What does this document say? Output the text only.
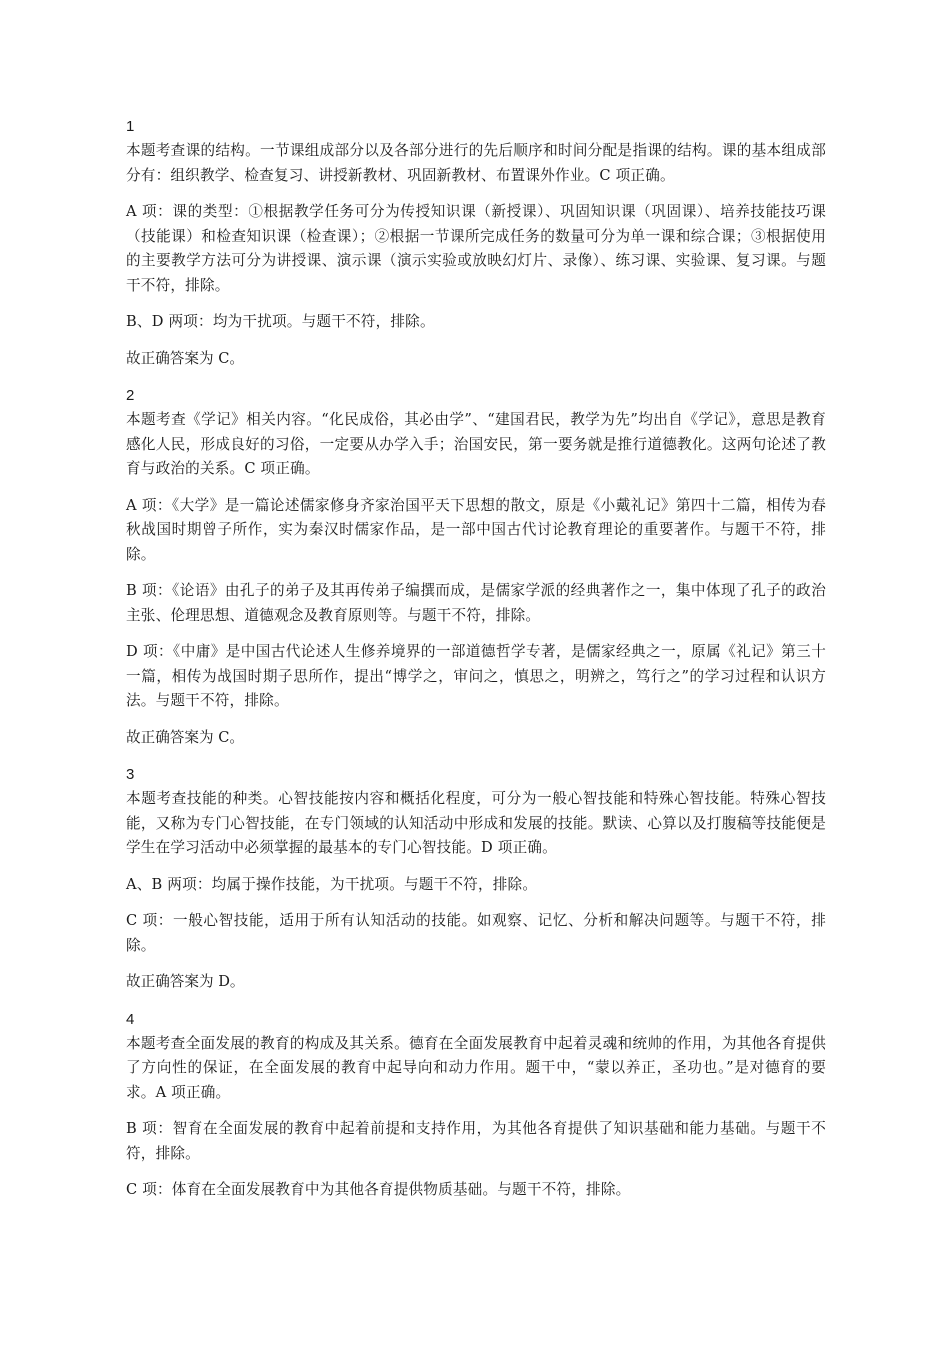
1

本题考查课的结构。一节课组成部分以及各部分进行的先后顺序和时间分配是指课的结构。课的基本组成部分有：组织教学、检查复习、讲授新教材、巩固新教材、布置课外作业。C 项正确。

A 项：课的类型：①根据教学任务可分为传授知识课（新授课）、巩固知识课（巩固课）、培养技能技巧课（技能课）和检查知识课（检查课）；②根据一节课所完成任务的数量可分为单一课和综合课；③根据使用的主要教学方法可分为讲授课、演示课（演示实验或放映幻灯片、录像）、练习课、实验课、复习课。与题干不符，排除。

B、D 两项：均为干扰项。与题干不符，排除。

故正确答案为 C。

2

本题考查《学记》相关内容。“化民成俗，其必由学”、“建国君民，教学为先”均出自《学记》，意思是教育感化人民，形成良好的习俗，一定要从办学入手；治国安民，第一要务就是推行道德教化。这两句论述了教育与政治的关系。C 项正确。

A 项：《大学》是一篇论述儒家修身齐家治国平天下思想的散文，原是《小戴礼记》第四十二篇，相传为春秋战国时期曾子所作，实为秦汉时儒家作品，是一部中国古代讨论教育理论的重要著作。与题干不符，排除。

B 项：《论语》由孔子的弟子及其再传弟子编撰而成，是儒家学派的经典著作之一，集中体现了孔子的政治主张、伦理思想、道德观念及教育原则等。与题干不符，排除。

D 项：《中庸》是中国古代论述人生修养境界的一部道德哲学专著，是儒家经典之一，原属《礼记》第三十一篇，相传为战国时期子思所作，提出“博学之，审问之，慎思之，明辨之，笃行之”的学习过程和认识方法。与题干不符，排除。

故正确答案为 C。

3

本题考查技能的种类。心智技能按内容和概括化程度，可分为一般心智技能和特殊心智技能。特殊心智技能，又称为专门心智技能，在专门领域的认知活动中形成和发展的技能。默读、心算以及打腹稿等技能便是学生在学习活动中必须掌握的最基本的专门心智技能。D 项正确。

A、B 两项：均属于操作技能，为干扰项。与题干不符，排除。

C 项：一般心智技能，适用于所有认知活动的技能。如观察、记忆、分析和解决问题等。与题干不符，排除。

故正确答案为 D。

4

本题考查全面发展的教育的构成及其关系。德育在全面发展教育中起着灵魂和统帅的作用，为其他各育提供了方向性的保证，在全面发展的教育中起导向和动力作用。题干中，“蒙以养正，圣功也。”是对德育的要求。A 项正确。

B 项：智育在全面发展的教育中起着前提和支持作用，为其他各育提供了知识基础和能力基础。与题干不符，排除。

C 项：体育在全面发展教育中为其他各育提供物质基础。与题干不符，排除。
